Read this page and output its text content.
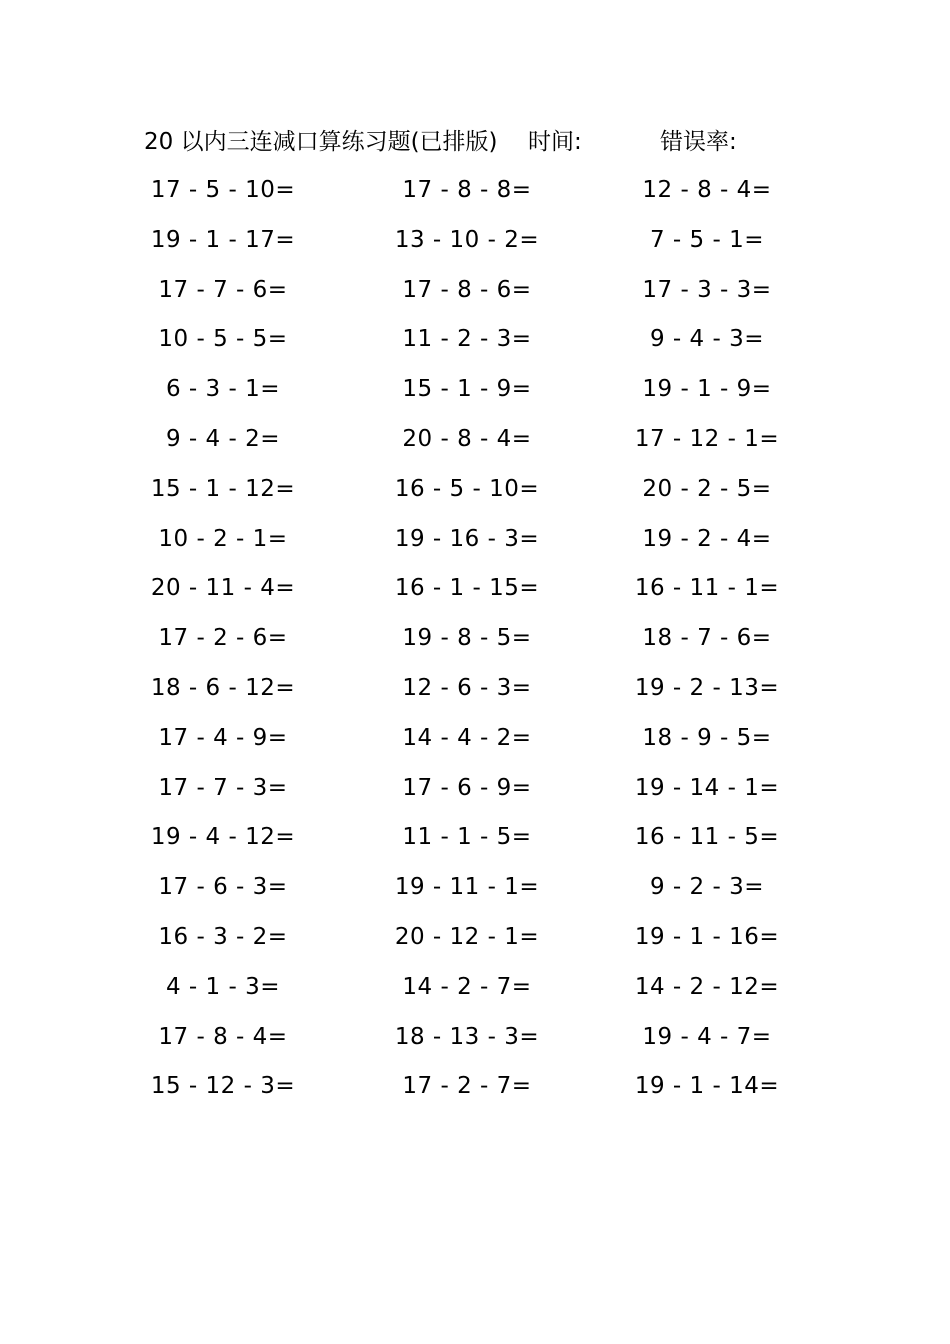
20 以内三连减口算练习题(已排版) 时间:	错误率:
17 - 5 - 10=	17 - 8 - 8=	12 - 8 - 4=
19 - 1 - 17=	13 - 10 - 2=	7 - 5 - 1=
17 - 7 - 6=	17 - 8 - 6=	17 - 3 - 3=
10 - 5 - 5=	11 - 2 - 3=	9 - 4 - 3=
6 - 3 - 1=	15 - 1 - 9=	19 - 1 - 9=
9 - 4 - 2=	20 - 8 - 4=	17 - 12 - 1=
15 - 1 - 12=	16 - 5 - 10=	20 - 2 - 5=
10 - 2 - 1=	19 - 16 - 3=	19 - 2 - 4=
20 - 11 - 4=	16 - 1 - 15=	16 - 11 - 1=
17 - 2 - 6=	19 - 8 - 5=	18 - 7 - 6=
18 - 6 - 12=	12 - 6 - 3=	19 - 2 - 13=
17 - 4 - 9=	14 - 4 - 2=	18 - 9 - 5=
17 - 7 - 3=	17 - 6 - 9=	19 - 14 - 1=
19 - 4 - 12=	11 - 1 - 5=	16 - 11 - 5=
17 - 6 - 3=	19 - 11 - 1=	9 - 2 - 3=
16 - 3 - 2=	20 - 12 - 1=	19 - 1 - 16=
4 - 1 - 3=	14 - 2 - 7=	14 - 2 - 12=
17 - 8 - 4=	18 - 13 - 3=	19 - 4 - 7=
15 - 12 - 3=	17 - 2 - 7=	19 - 1 - 14=
